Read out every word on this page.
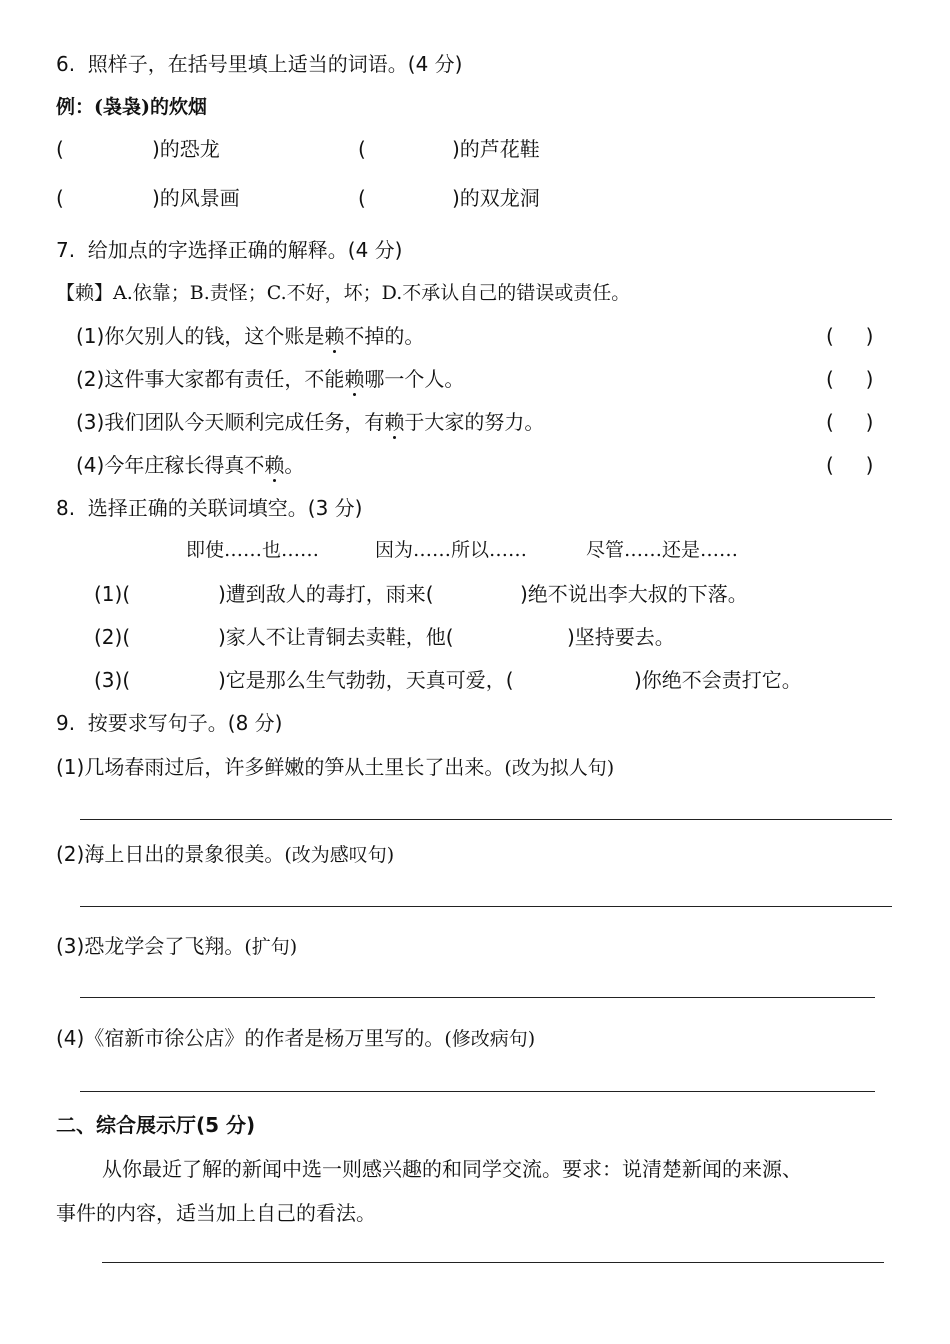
6.  照样子，在括号里填上适当的词语。(4 分)
例：(袅袅)的炊烟
(	)的恐龙	(	)的芦花鞋
(	)的风景画	(	)的双龙洞
7.  给加点的字选择正确的解释。(4 分)
【赖】A.依靠；B.责怪；C.不好，坏；D.不承认自己的错误或责任。
(1)你欠别人的钱，这个账是赖不掉的。	(     )
(2)这件事大家都有责任，不能赖哪一个人。	(     )
(3)我们团队今天顺利完成任务，有赖于大家的努力。	(     )
(4)今年庄稼长得真不赖。	(     )
8.  选择正确的关联词填空。(3 分)
即使……也……	因为……所以……	尽管……还是……
(1)(	)遭到敌人的毒打，雨来(	)绝不说出李大叔的下落。
(2)(	)家人不让青铜去卖鞋，他(	)坚持要去。
(3)(	)它是那么生气勃勃，天真可爱，(	)你绝不会责打它。
9.  按要求写句子。(8 分)
(1)几场春雨过后，许多鲜嫩的笋从土里长了出来。(改为拟人句)
(2)海上日出的景象很美。(改为感叹句)
(3)恐龙学会了飞翔。(扩句)
(4)《宿新市徐公店》的作者是杨万里写的。(修改病句)
二、综合展示厅(5 分)
从你最近了解的新闻中选一则感兴趣的和同学交流。要求：说清楚新闻的来源、
事件的内容，适当加上自己的看法。
